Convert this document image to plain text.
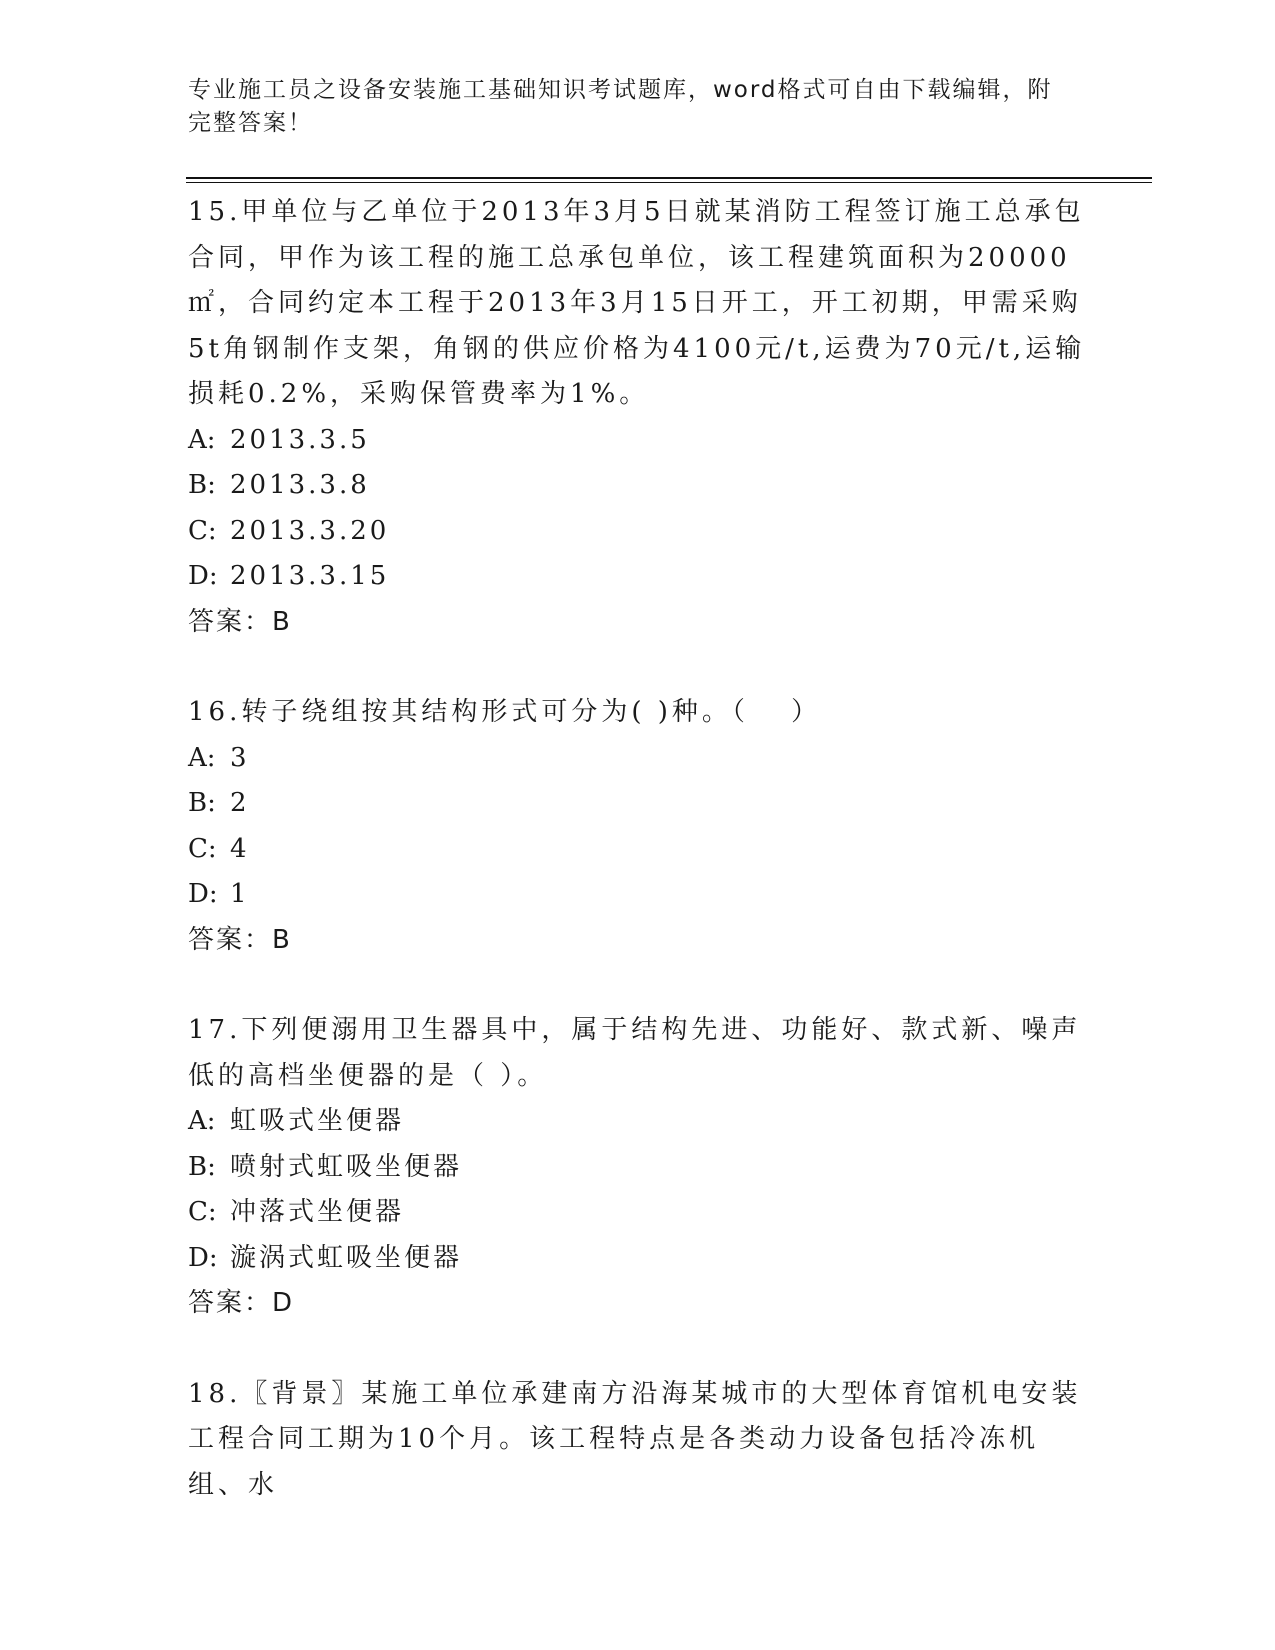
专业施工员之设备安装施工基础知识考试题库，word格式可自由下载编辑，附完整答案！

15.甲单位与乙单位于2013年3月5日就某消防工程签订施工总承包合同，甲作为该工程的施工总承包单位，该工程建筑面积为20000㎡，合同约定本工程于2013年3月15日开工，开工初期，甲需采购5t角钢制作支架，角钢的供应价格为4100元/t,运费为70元/t,运输损耗0.2%，采购保管费率为1%。

A: 2013.3.5

B: 2013.3.8

C: 2013.3.20

D: 2013.3.15

答案：B

16.转子绕组按其结构形式可分为( )种。（　 ）

A: 3

B: 2

C: 4

D: 1

答案：B

17.下列便溺用卫生器具中，属于结构先进、功能好、款式新、噪声低的高档坐便器的是（ ）。

A: 虹吸式坐便器

B: 喷射式虹吸坐便器

C: 冲落式坐便器

D: 漩涡式虹吸坐便器

答案：D

18.〖背景〗某施工单位承建南方沿海某城市的大型体育馆机电安装工程合同工期为10个月。该工程特点是各类动力设备包括冷冻机组、水
